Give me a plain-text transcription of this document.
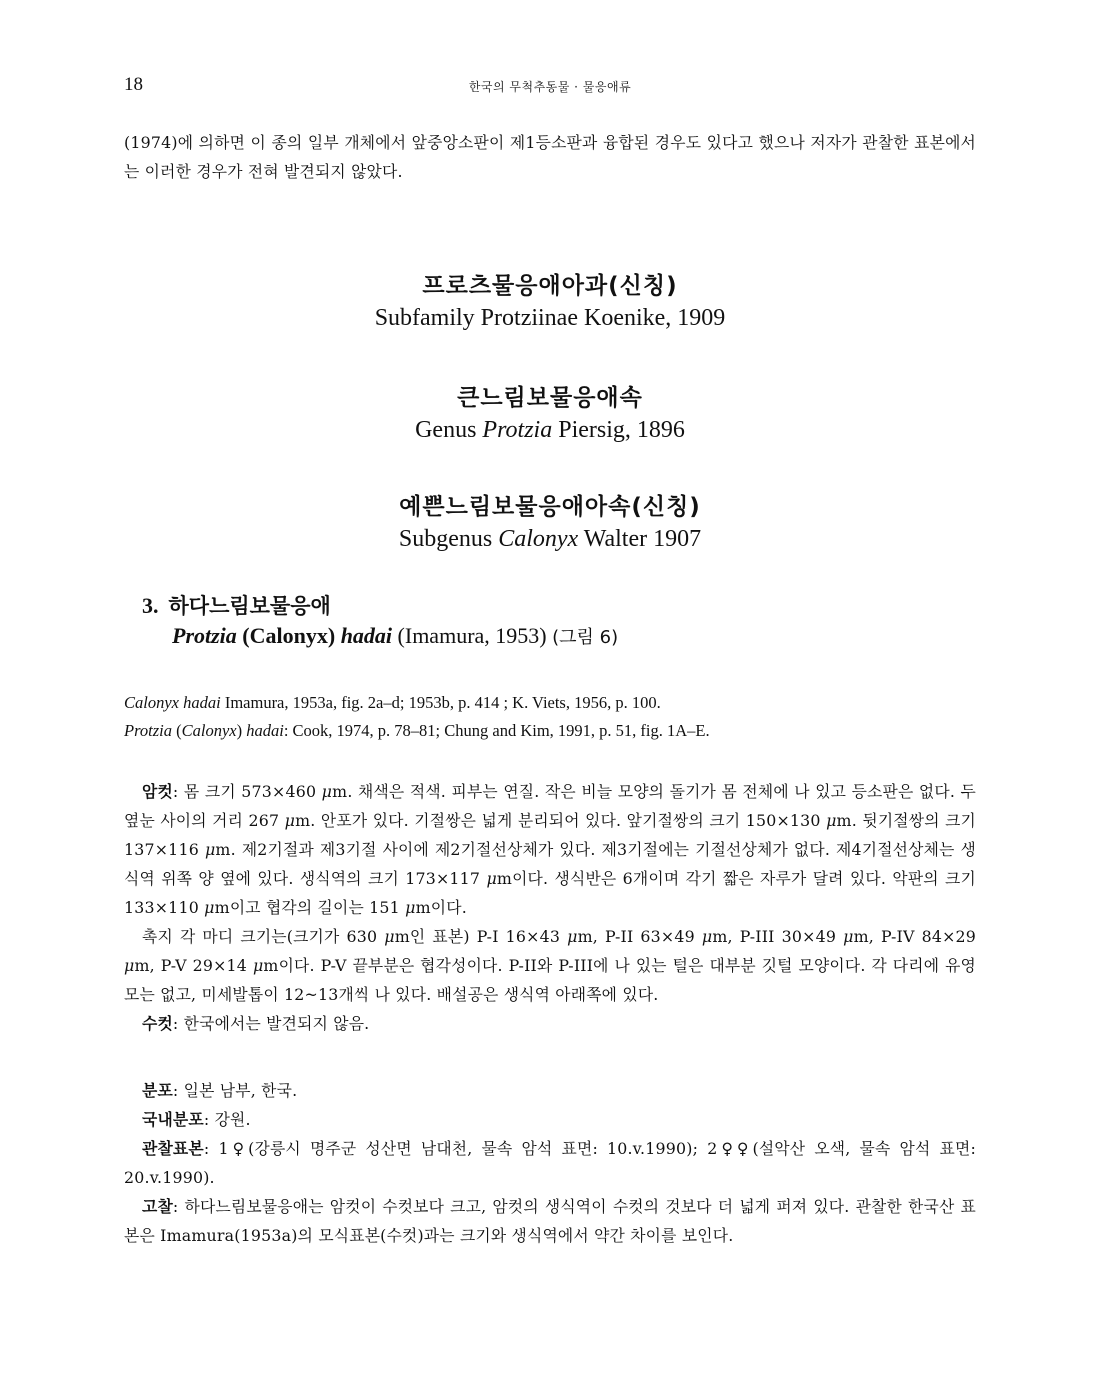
18	한국의 무척추동물 · 물응애류

(1974)에 의하면 이 종의 일부 개체에서 앞중앙소판이 제1등소판과 융합된 경우도 있다고 했으나 저자가 관찰한 표본에서는 이러한 경우가 전혀 발견되지 않았다.

프로츠물응애아과(신칭)
Subfamily Protziinae Koenike, 1909
큰느림보물응애속
Genus Protzia Piersig, 1896
예쁜느림보물응애아속(신칭)
Subgenus Calonyx Walter 1907
3. 하다느림보물응애
Protzia (Calonyx) hadai (Imamura, 1953) (그림 6)
Calonyx hadai Imamura, 1953a, fig. 2a–d; 1953b, p. 414 ; K. Viets, 1956, p. 100.
Protzia (Calonyx) hadai: Cook, 1974, p. 78–81; Chung and Kim, 1991, p. 51, fig. 1A–E.

암컷: 몸 크기 573×460 μm. 채색은 적색. 피부는 연질. 작은 비늘 모양의 돌기가 몸 전체에 나 있고 등소판은 없다. 두 옆눈 사이의 거리 267 μm. 안포가 있다. 기절쌍은 넓게 분리되어 있다. 앞기절쌍의 크기 150×130 μm. 뒷기절쌍의 크기 137×116 μm. 제2기절과 제3기절 사이에 제2기절선상체가 있다. 제3기절에는 기절선상체가 없다. 제4기절선상체는 생식역 위쪽 양 옆에 있다. 생식역의 크기 173×117 μm이다. 생식반은 6개이며 각기 짧은 자루가 달려 있다. 악판의 크기 133×110 μm이고 협각의 길이는 151 μm이다.

촉지 각 마디 크기는(크기가 630 μm인 표본) P-I 16×43 μm, P-II 63×49 μm, P-III 30×49 μm, P-IV 84×29 μm, P-V 29×14 μm이다. P-V 끝부분은 협각성이다. P-II와 P-III에 나 있는 털은 대부분 깃털 모양이다. 각 다리에 유영모는 없고, 미세발톱이 12~13개씩 나 있다. 배설공은 생식역 아래쪽에 있다.

수컷: 한국에서는 발견되지 않음.

분포: 일본 남부, 한국.

국내분포: 강원.

관찰표본: 1♀(강릉시 명주군 성산면 남대천, 물속 암석 표면: 10.v.1990); 2♀♀(설악산 오색, 물속 암석 표면: 20.v.1990).

고찰: 하다느림보물응애는 암컷이 수컷보다 크고, 암컷의 생식역이 수컷의 것보다 더 넓게 퍼져 있다. 관찰한 한국산 표본은 Imamura(1953a)의 모식표본(수컷)과는 크기와 생식역에서 약간 차이를 보인다.
